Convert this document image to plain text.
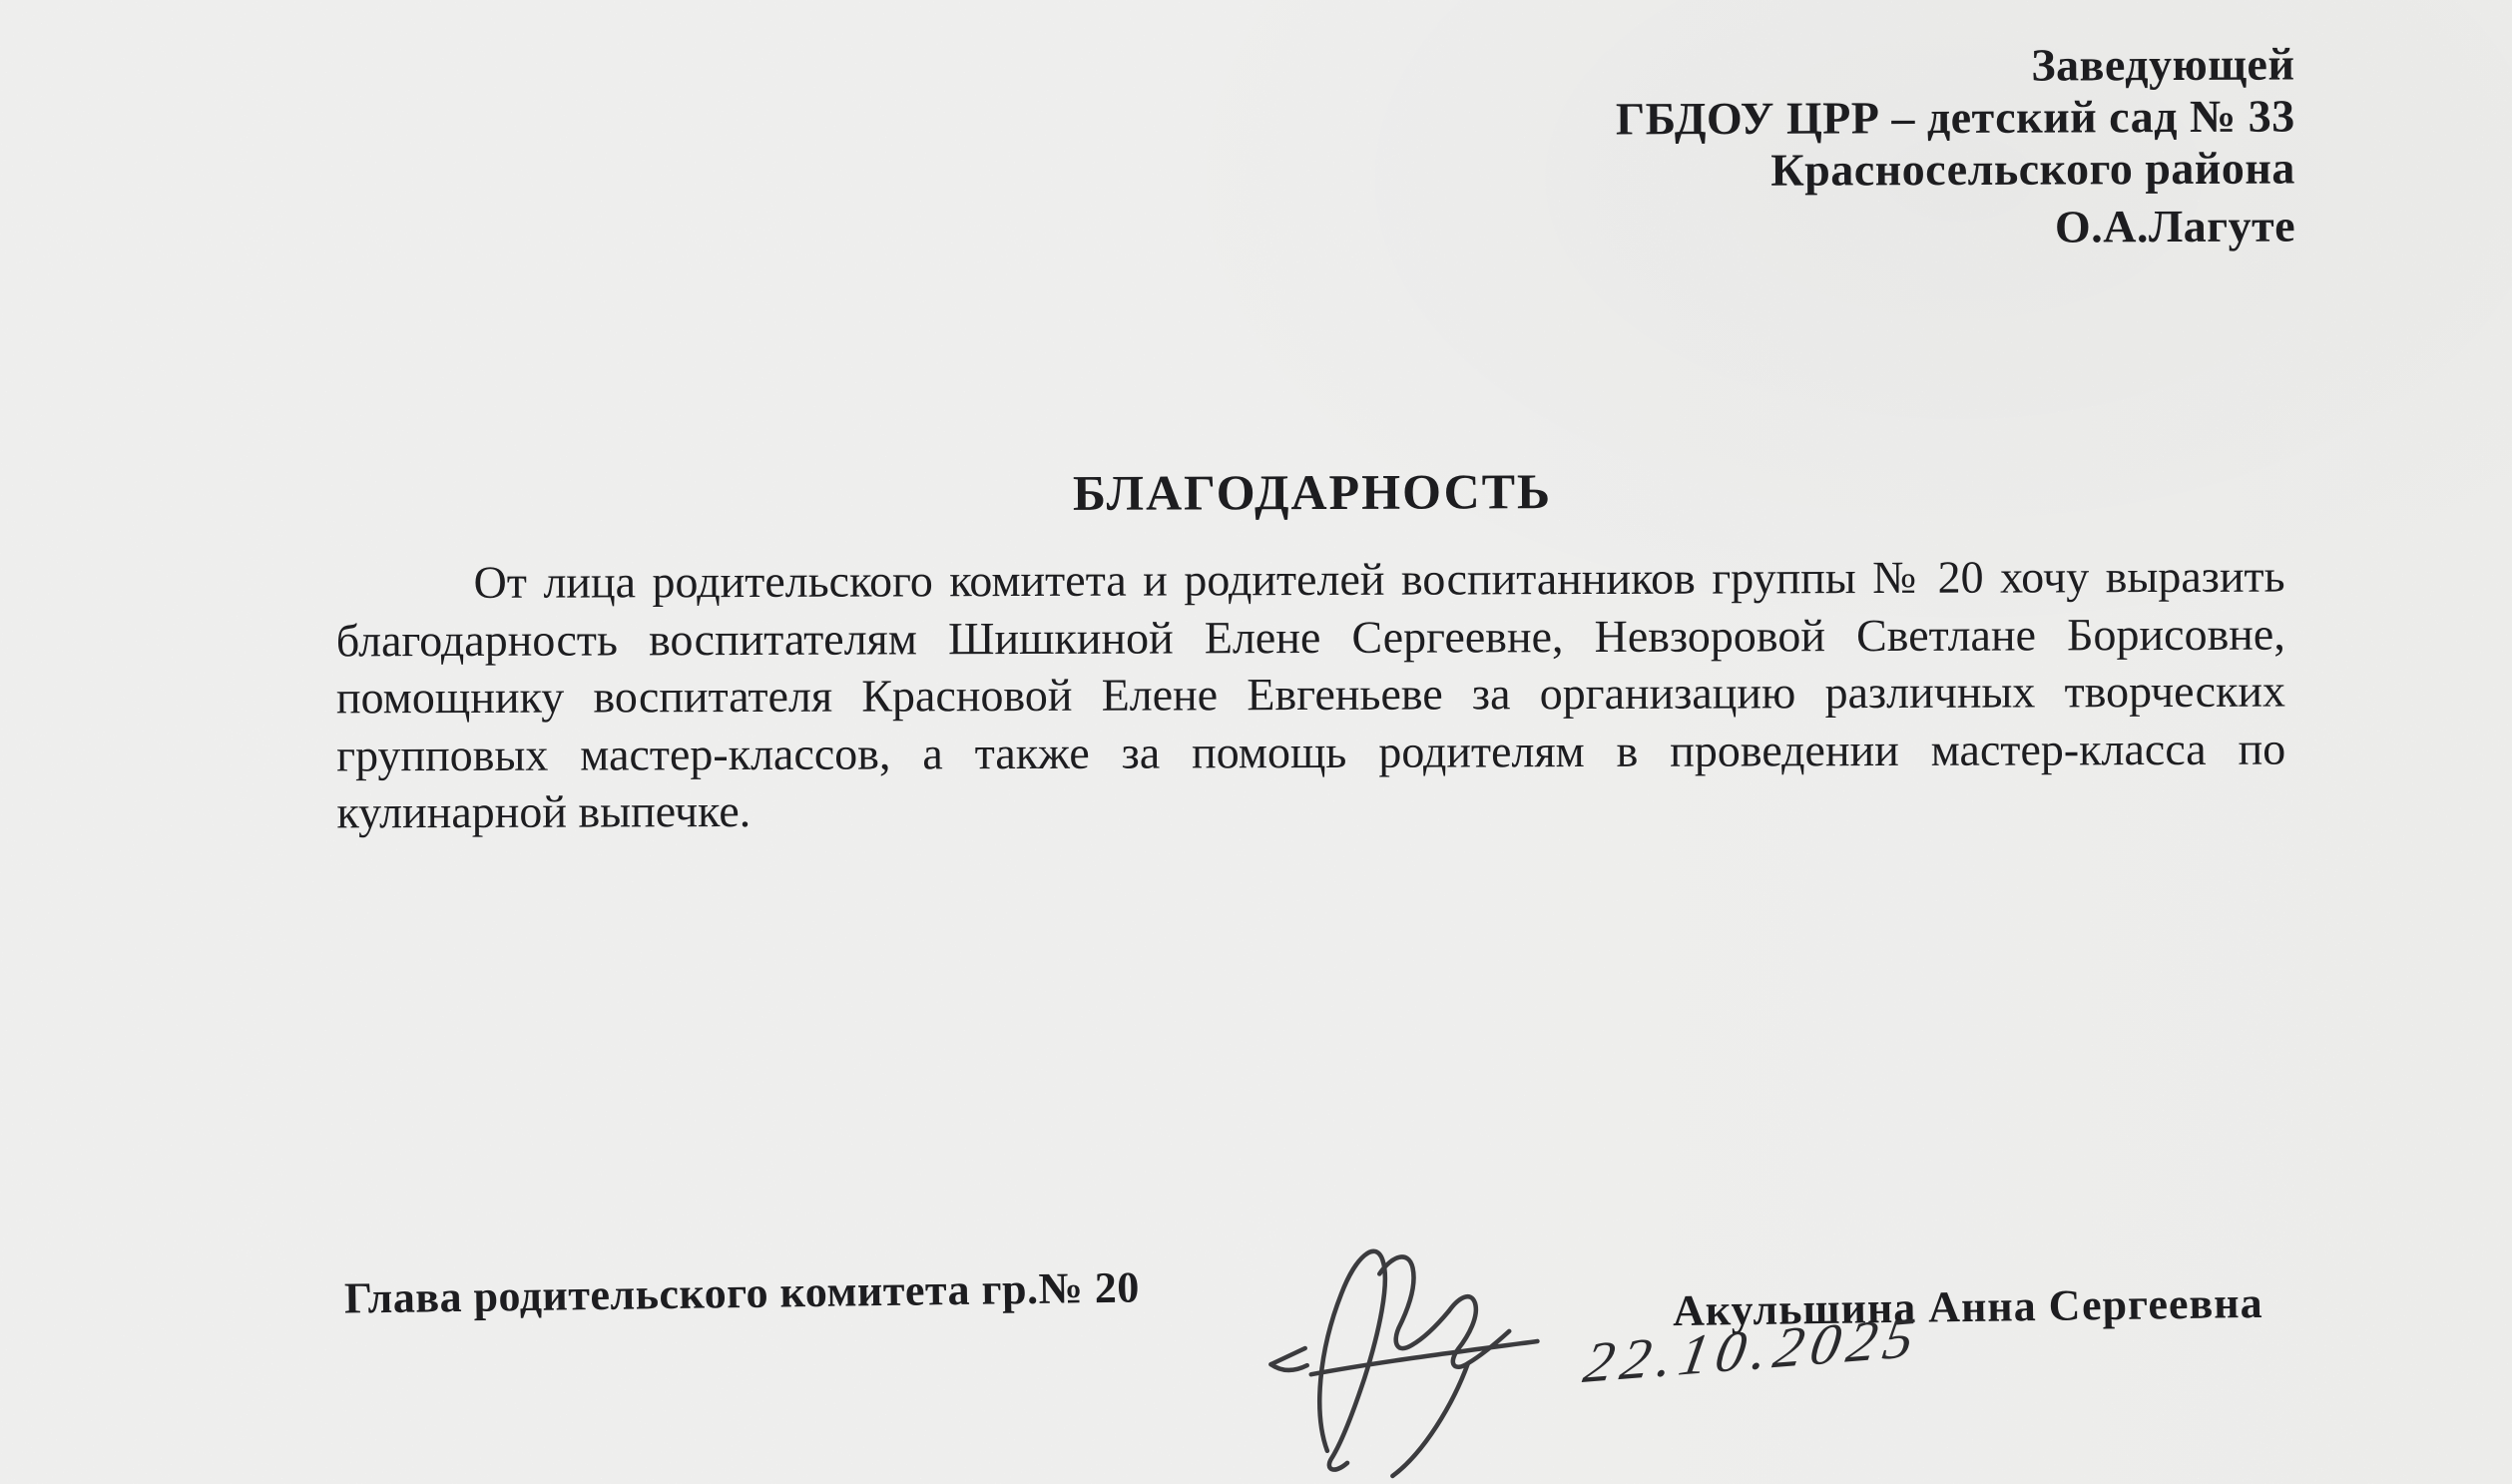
Заведующей
ГБДОУ ЦРР – детский сад № 33
Красносельского района
О.А.Лагуте
БЛАГОДАРНОСТЬ
От лица родительского комитета и родителей воспитанников группы № 20 хочу выразить
благодарность воспитателям Шишкиной Елене Сергеевне, Невзоровой Светлане Борисовне,
помощнику воспитателя Красновой Елене Евгеньеве за организацию различных творческих
групповых мастер-классов, а также за помощь родителям в проведении мастер-класса по
кулинарной выпечке.
Глава родительского комитета гр.№ 20	Акульшина Анна Сергеевна
22.10.2025
